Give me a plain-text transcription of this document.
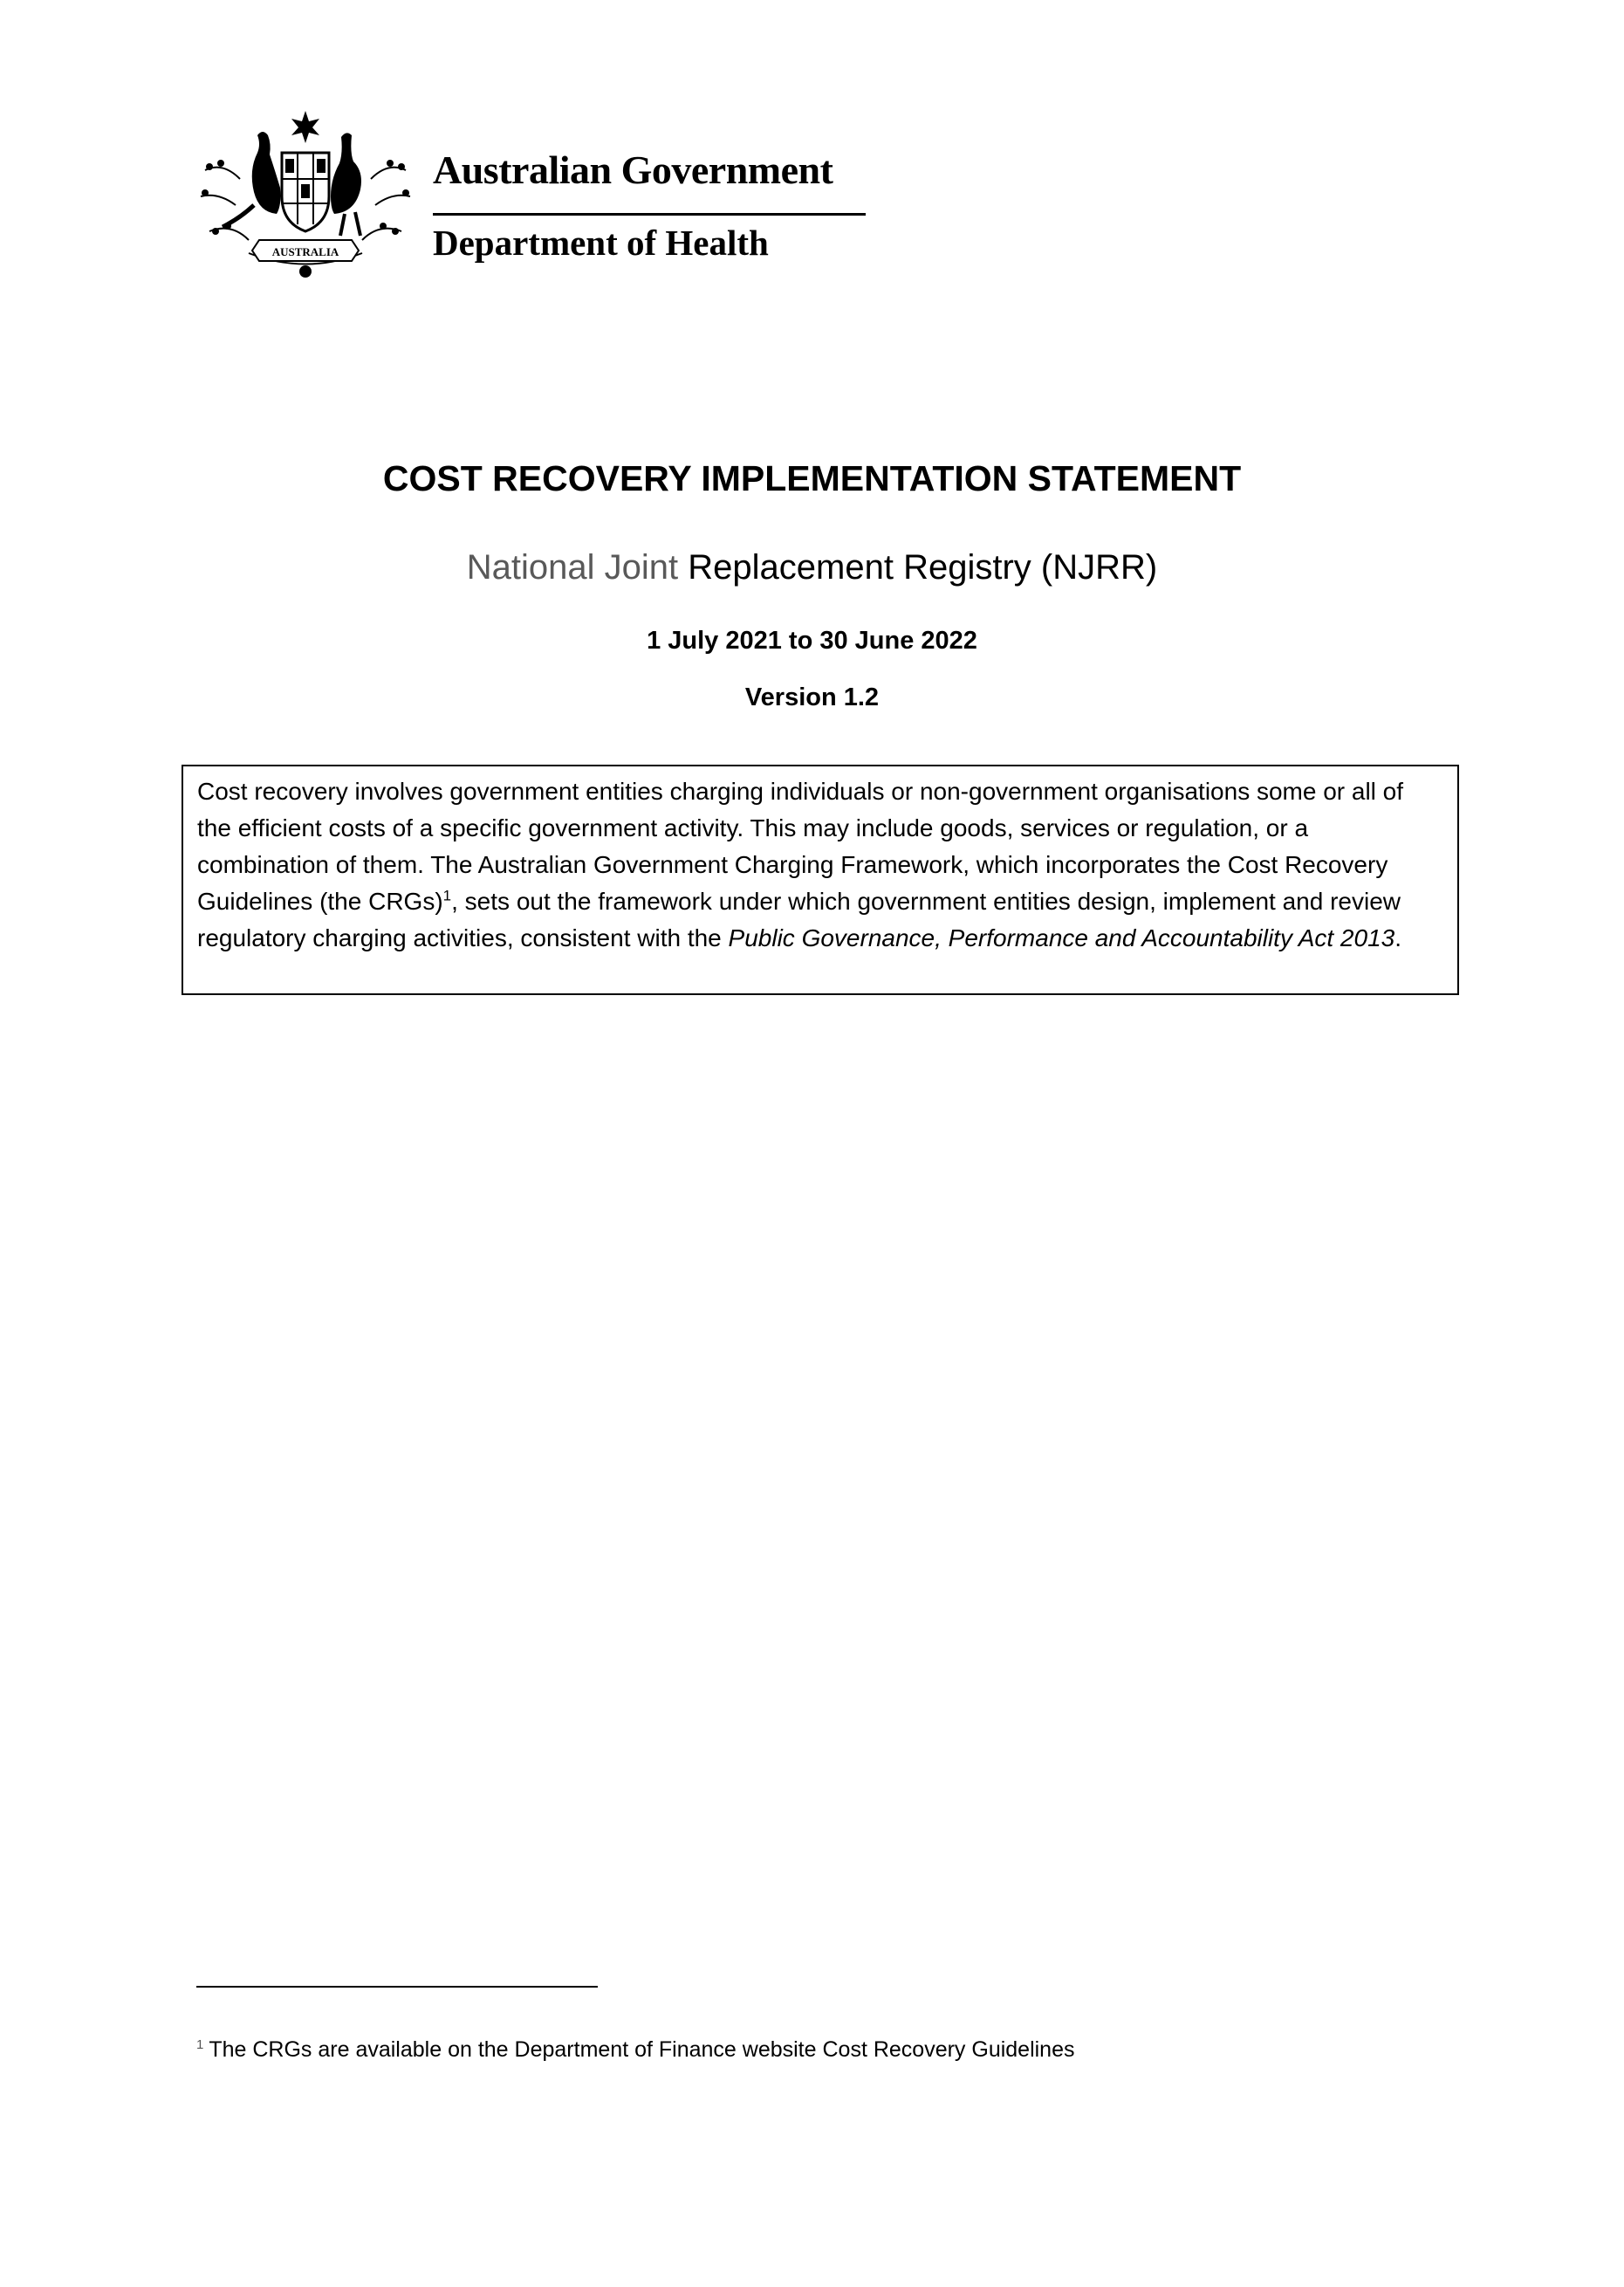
AUSTRALIA
Australian Government
Department of Health
COST RECOVERY IMPLEMENTATION STATEMENT
National Joint Replacement Registry (NJRR)
1 July 2021 to 30 June 2022
Version 1.2
Cost recovery involves government entities charging individuals or non-government organisations some or all of the efficient costs of a specific government activity. This may include goods, services or regulation, or a combination of them. The Australian Government Charging Framework, which incorporates the Cost Recovery Guidelines (the CRGs)$^1$, sets out the framework under which government entities design, implement and review regulatory charging activities, consistent with the Public Governance, Performance and Accountability Act 2013.
$^1$ The CRGs are available on the Department of Finance website Cost Recovery Guidelines
